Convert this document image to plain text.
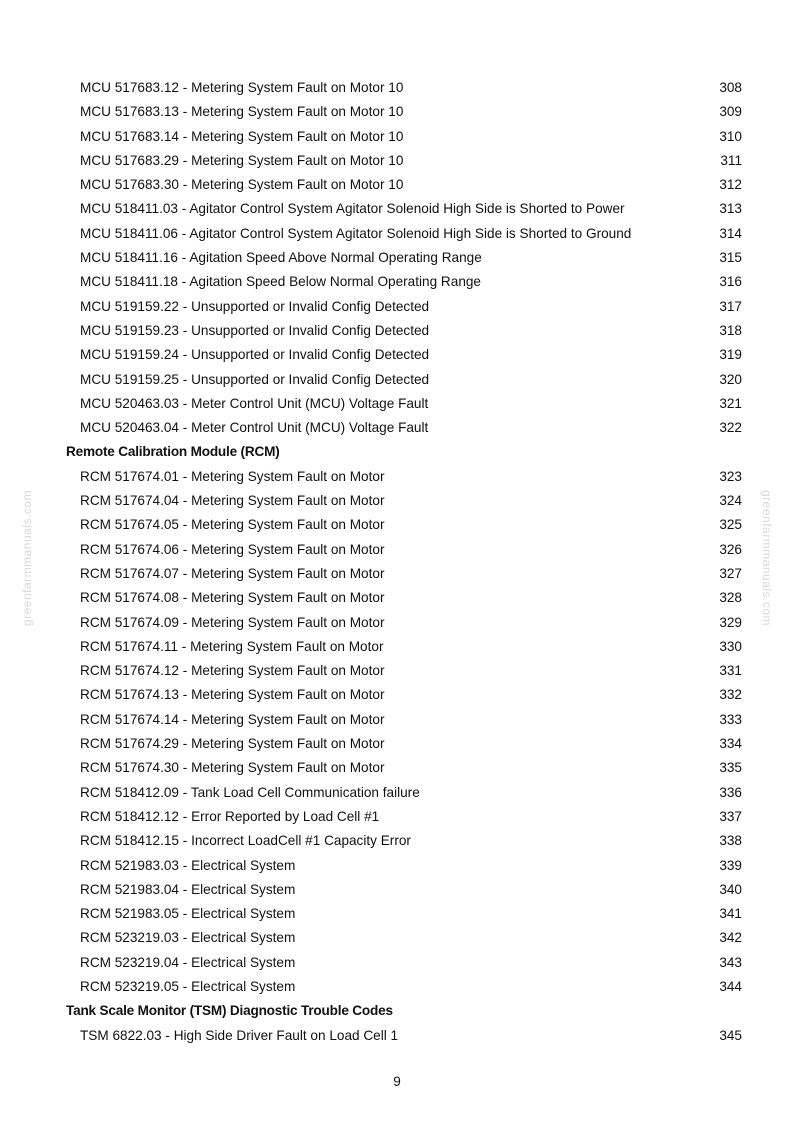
greenfarmmanuals.com	greenfarmmanuals.com
MCU 517683.12 - Metering System Fault on Motor 10	308
MCU 517683.13 - Metering System Fault on Motor 10	309
MCU 517683.14 - Metering System Fault on Motor 10	310
MCU 517683.29 - Metering System Fault on Motor 10	311
MCU 517683.30 - Metering System Fault on Motor 10	312
MCU 518411.03 - Agitator Control System Agitator Solenoid High Side is Shorted to Power	313
MCU 518411.06 - Agitator Control System Agitator Solenoid High Side is Shorted to Ground	314
MCU 518411.16 - Agitation Speed Above Normal Operating Range	315
MCU 518411.18 - Agitation Speed Below Normal Operating Range	316
MCU 519159.22 - Unsupported or Invalid Config Detected	317
MCU 519159.23 - Unsupported or Invalid Config Detected	318
MCU 519159.24 - Unsupported or Invalid Config Detected	319
MCU 519159.25 - Unsupported or Invalid Config Detected	320
MCU 520463.03 - Meter Control Unit (MCU) Voltage Fault	321
MCU 520463.04 - Meter Control Unit (MCU) Voltage Fault	322
Remote Calibration Module (RCM)
RCM 517674.01 - Metering System Fault on Motor	323
RCM 517674.04 - Metering System Fault on Motor	324
RCM 517674.05 - Metering System Fault on Motor	325
RCM 517674.06 - Metering System Fault on Motor	326
RCM 517674.07 - Metering System Fault on Motor	327
RCM 517674.08 - Metering System Fault on Motor	328
RCM 517674.09 - Metering System Fault on Motor	329
RCM 517674.11 - Metering System Fault on Motor	330
RCM 517674.12 - Metering System Fault on Motor	331
RCM 517674.13 - Metering System Fault on Motor	332
RCM 517674.14 - Metering System Fault on Motor	333
RCM 517674.29 - Metering System Fault on Motor	334
RCM 517674.30 - Metering System Fault on Motor	335
RCM 518412.09 - Tank Load Cell Communication failure	336
RCM 518412.12 - Error Reported by Load Cell #1	337
RCM 518412.15 - Incorrect LoadCell #1 Capacity Error	338
RCM 521983.03 - Electrical System	339
RCM 521983.04 - Electrical System	340
RCM 521983.05 - Electrical System	341
RCM 523219.03 - Electrical System	342
RCM 523219.04 - Electrical System	343
RCM 523219.05 - Electrical System	344
Tank Scale Monitor (TSM) Diagnostic Trouble Codes
TSM 6822.03 - High Side Driver Fault on Load Cell 1	345
9
